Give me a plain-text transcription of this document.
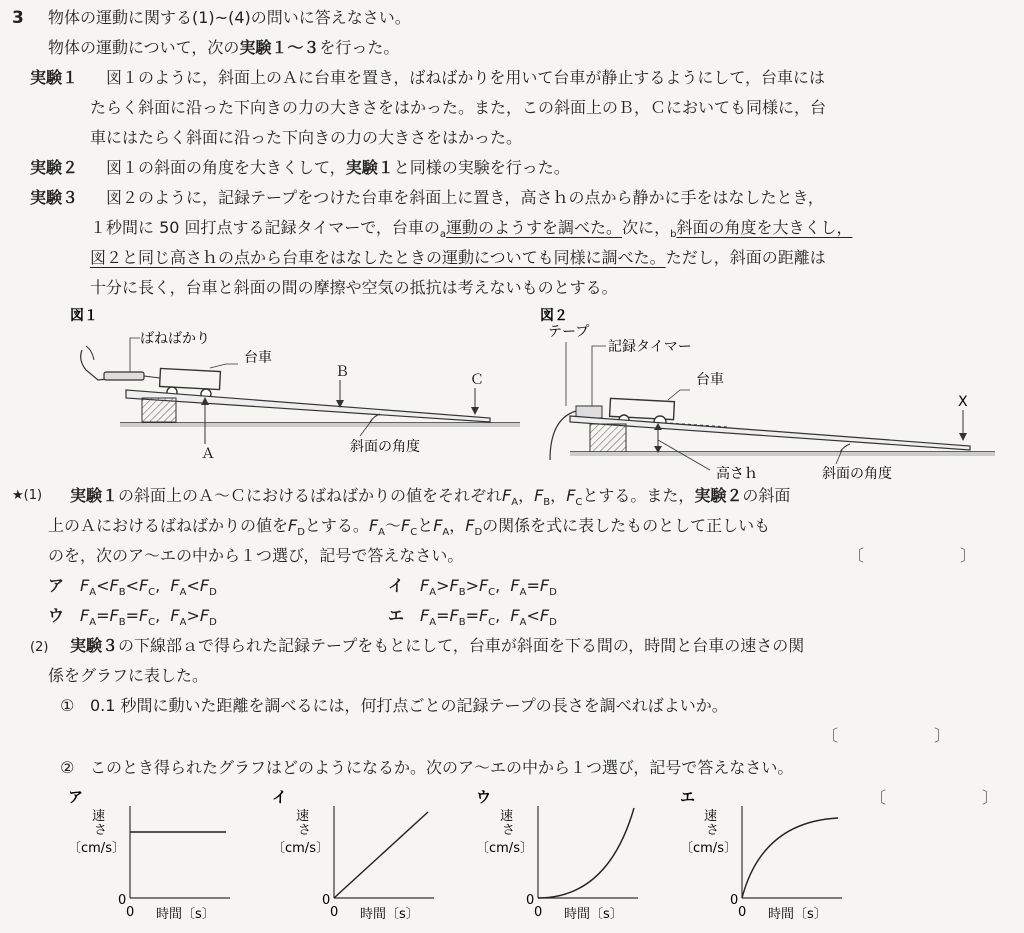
3 物体の運動に関する(1)~(4)の問いに答えなさい。
物体の運動について，次の実験１～３を行った。
実験１ 図１のように，斜面上のＡに台車を置き，ばねばかりを用いて台車が静止するようにして，台車には
たらく斜面に沿った下向きの力の大きさをはかった。また，この斜面上のＢ，Ｃにおいても同様に，台
車にはたらく斜面に沿った下向きの力の大きさをはかった。
実験２ 図１の斜面の角度を大きくして，実験１と同様の実験を行った。
実験３ 図２のように，記録テープをつけた台車を斜面上に置き，高さｈの点から静かに手をはなしたとき，
１秒間に 50 回打点する記録タイマーで，台車の$_a$運動のようすを調べた。次に，$_b$斜面の角度を大きくし，
図２と同じ高さｈの点から台車をはなしたときの運動についても同様に調べた。ただし，斜面の距離は
十分に長く，台車と斜面の間の摩擦や空気の抵抗は考えないものとする。
図１
ばねばかり
台車
Ａ
Ｂ	Ｃ
斜面の角度
図２
テープ
記録タイマー
台車
高さｈ
X
斜面の角度
★(1) 実験１の斜面上のＡ～Ｃにおけるばねばかりの値をそれぞれ$F_A$，$F_B$，$F_C$とする。また，実験２の斜面
上のＡにおけるばねばかりの値を$F_D$とする。$F_A\sim F_C$と$F_A$，$F_D$の関係を式に表したものとして正しいも
のを，次のア～エの中から１つ選び，記号で答えなさい。	〔　　　　　　〕
ア　 $F_A<F_B<F_C$,  $F_A<F_D$	イ　 $F_A>F_B>F_C$,  $F_A=F_D$
ウ　 $F_A=F_B=F_C$,  $F_A>F_D$	エ　 $F_A=F_B=F_C$,  $F_A<F_D$
(2) 実験３の下線部ａで得られた記録テープをもとにして，台車が斜面を下る間の，時間と台車の速さの関
係をグラフに表した。
① 0.1 秒間に動いた距離を調べるには，何打点ごとの記録テープの長さを調べればよいか。
〔　　　　　　〕
② このとき得られたグラフはどのようになるか。次のア～エの中から１つ選び，記号で答えなさい。
〔　　　　　　〕
ア
速
さ
〔cm/s〕
0
0 時間〔s〕
イ
速
さ
〔cm/s〕
0
0 時間〔s〕
ウ
速
さ
〔cm/s〕
0
0 時間〔s〕
エ
速
さ
〔cm/s〕
0
0 時間〔s〕
